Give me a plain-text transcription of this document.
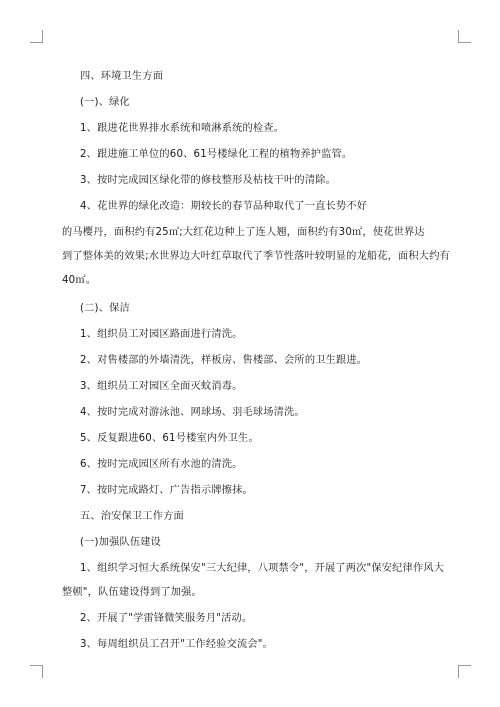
四、环境卫生方面
(一)、绿化
1、跟进花世界排水系统和喷淋系统的检查。
2、跟进施工单位的60、61号楼绿化工程的植物养护监管。
3、按时完成园区绿化带的修枝整形及枯枝干叶的清除。
4、花世界的绿化改造：期较长的春节品种取代了一直长势不好
的马樱丹，面积约有25㎡;大红花边种上了连人翘，面积约有30㎡，使花世界达
到了整体美的效果;水世界边大叶红草取代了季节性落叶较明显的龙船花，面积大约有
40㎡。
(二)、保洁
1、组织员工对园区路面进行清洗。
2、对售楼部的外墙清洗，样板房、售楼部、会所的卫生跟进。
3、组织员工对园区全面灭蚊消毒。
4、按时完成对游泳池、网球场、羽毛球场清洗。
5、反复跟进60、61号楼室内外卫生。
6、按时完成园区所有水池的清洗。
7、按时完成路灯、广告指示牌擦抹。
五、治安保卫工作方面
(一)加强队伍建设
1、组织学习恒大系统保安"三大纪律，八项禁令"，开展了两次"保安纪律作风大
整顿"，队伍建设得到了加强。
2、开展了"学雷锋微笑服务月"活动。
3、每周组织员工召开"工作经验交流会"。
